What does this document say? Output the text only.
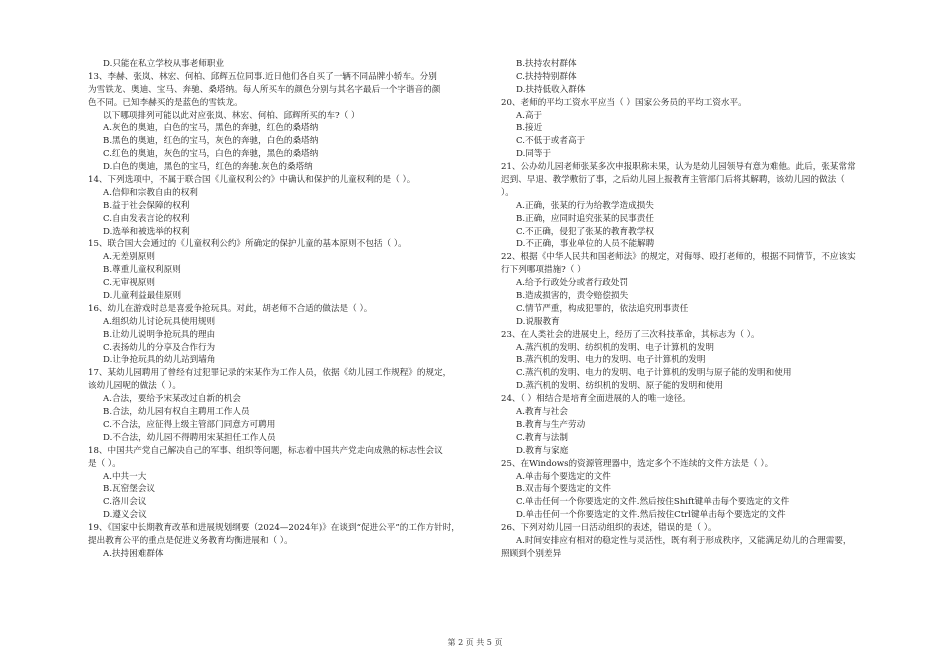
D.只能在私立学校从事老师职业
13、李赫、张岚、林宏、何柏、邱辉五位同事.近日他们各自买了一辆不同品牌小轿车。分别
为雪铁龙、奥迪、宝马、奔驰、桑塔纳。每人所买车的颜色分别与其名字最后一个字谐音的颜
色不同。已知李赫买的是蓝色的雪铁龙。
以下哪项排列可能以此对应张岚、林宏、何柏、邱辉所买的车?（ ）
A.灰色的奥迪，白色的宝马，黑色的奔驰，红色的桑塔纳
B.黑色的奥迪，红色的宝马，灰色的奔驰，白色的桑塔纳
C.红色的奥迪，灰色的宝马，白色的奔驰，黑色的桑塔纳
D.白色的奥迪，黑色的宝马，红色的奔驰.灰色的桑塔纳
14、下列选项中，不属于联合国《儿童权利公约》中确认和保护的儿童权利的是（ ）。
A.信仰和宗教自由的权利
B.益于社会保障的权利
C.自由发表言论的权利
D.选举和被选举的权利
15、联合国大会通过的《儿童权利公约》所确定的保护儿童的基本原则不包括（ ）。
A.无差别原则
B.尊重儿童权利原则
C.无审视原则
D.儿童利益最佳原则
16、幼儿在游戏时总是喜爱争抢玩具。对此，胡老师不合适的做法是（ ）。
A.组织幼儿讨论玩具使用规则
B.让幼儿说明争抢玩具的理由
C.表扬幼儿的分享及合作行为
D.让争抢玩具的幼儿站到墙角
17、某幼儿园聘用了曾经有过犯罪记录的宋某作为工作人员，依据《幼儿园工作规程》的规定，
该幼儿园呢的做法（ ）。
A.合法，要给予宋某改过自新的机会
B.合法，幼儿园有权自主聘用工作人员
C.不合法，应征得上级主管部门同意方可聘用
D.不合法，幼儿园不得聘用宋某担任工作人员
18、中国共产党自己解决自己的军事、组织等问题，标志着中国共产党走向成熟的标志性会议
是（ ）。
A.中共一大
B.瓦窑堡会议
C.洛川会议
D.遵义会议
19、《国家中长期教育改革和进展规划纲要（2024—2024年)》在谈到“促进公平”的工作方针时，
提出教育公平的重点是促进义务教育均衡进展和（ ）。
A.扶持困难群体
B.扶持农村群体
C.扶持特别群体
D.扶持低收入群体
20、老师的平均工资水平应当（ ）国家公务员的平均工资水平。
A.高于
B.接近
C.不低于或者高于
D.同等于
21、公办幼儿园老师张某多次申报职称未果，认为是幼儿园领导有意为难他。此后，张某常常
迟到、早退、教学敷衍了事，之后幼儿园上报教育主管部门后将其解聘，该幼儿园的做法（
）。
A.正确，张某的行为给教学造成损失
B.正确，应同时追究张某的民事责任
C.不正确，侵犯了张某的教育教学权
D.不正确，事业单位的人员不能解聘
22、根据《中华人民共和国老师法》的规定，对侮辱、殴打老师的，根据不同情节，不应该实
行下列哪项措施?（ ）
A.给予行政处分或者行政处罚
B.造成损害的，责令赔偿损失
C.情节严重，构成犯罪的，依法追究刑事责任
D.说服教育
23、在人类社会的进展史上，经历了三次科技革命，其标志为（ ）。
A.蒸汽机的发明、纺织机的发明、电子计算机的发明
B.蒸汽机的发明、电力的发明、电子计算机的发明
C.蒸汽机的发明、电力的发明、电子计算机的发明与原子能的发明和使用
D.蒸汽机的发明、纺织机的发明、原子能的发明和使用
24、（ ）相结合是培育全面进展的人的唯一途径。
A.教育与社会
B.教育与生产劳动
C.教育与法制
D.教育与家庭
25、在Windows的资源管理器中，选定多个不连续的文件方法是（ ）。
A.单击每个要选定的文件
B.双击每个要选定的文件
C.单击任何一个你要选定的文件.然后按住Shift键单击每个要选定的文件
D.单击任何一个你要选定的文件.然后按住Ctrl键单击每个要选定的文件
26、下列对幼儿园一日活动组织的表述，错误的是（ ）。
A.时间安排应有相对的稳定性与灵活性，既有利于形成秩序，又能满足幼儿的合理需要，
照顾到个别差异
第 2 页 共 5 页
